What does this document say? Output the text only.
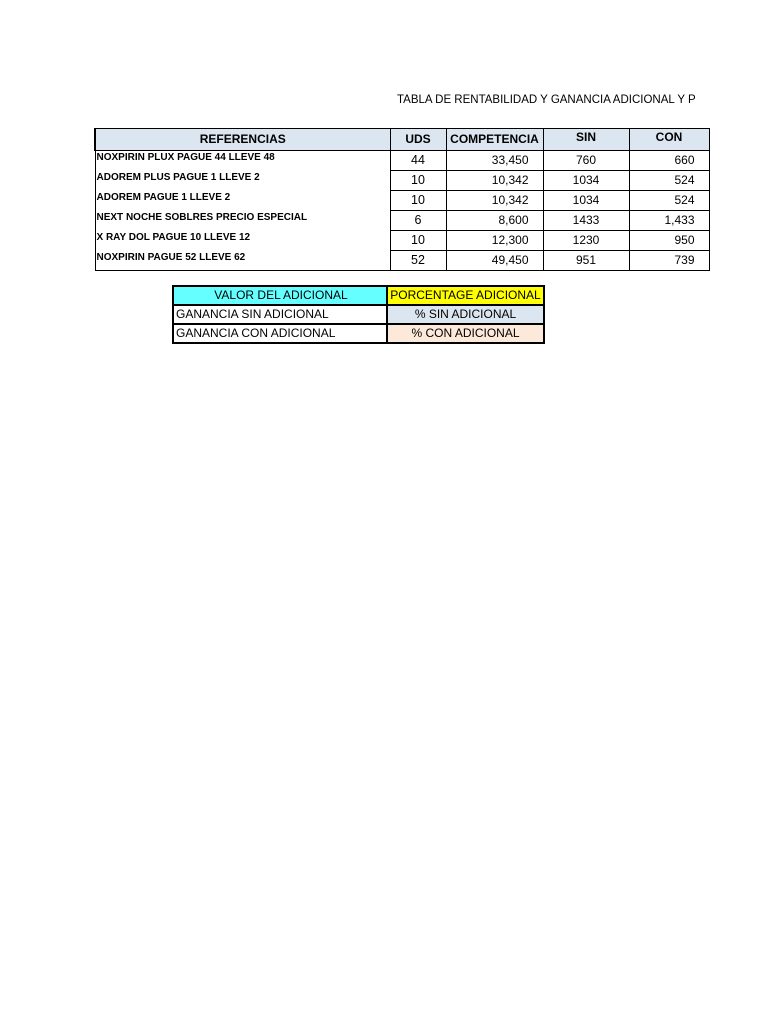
TABLA DE RENTABILIDAD Y GANANCIA ADICIONAL Y P
REFERENCIAS	UDS	COMPETENCIA	SIN	CON
NOXPIRIN PLUX PAGUE 44 LLEVE 48	44	33,450	760	660
ADOREM PLUS PAGUE 1 LLEVE 2	10	10,342	1034	524
ADOREM PAGUE 1 LLEVE 2	10	10,342	1034	524
NEXT NOCHE SOBLRES PRECIO ESPECIAL	6	8,600	1433	1,433
X RAY DOL PAGUE 10 LLEVE 12	10	12,300	1230	950
NOXPIRIN PAGUE 52 LLEVE 62	52	49,450	951	739
VALOR DEL ADICIONAL	PORCENTAGE ADICIONAL
GANANCIA SIN ADICIONAL	% SIN ADICIONAL
GANANCIA CON ADICIONAL	% CON ADICIONAL
